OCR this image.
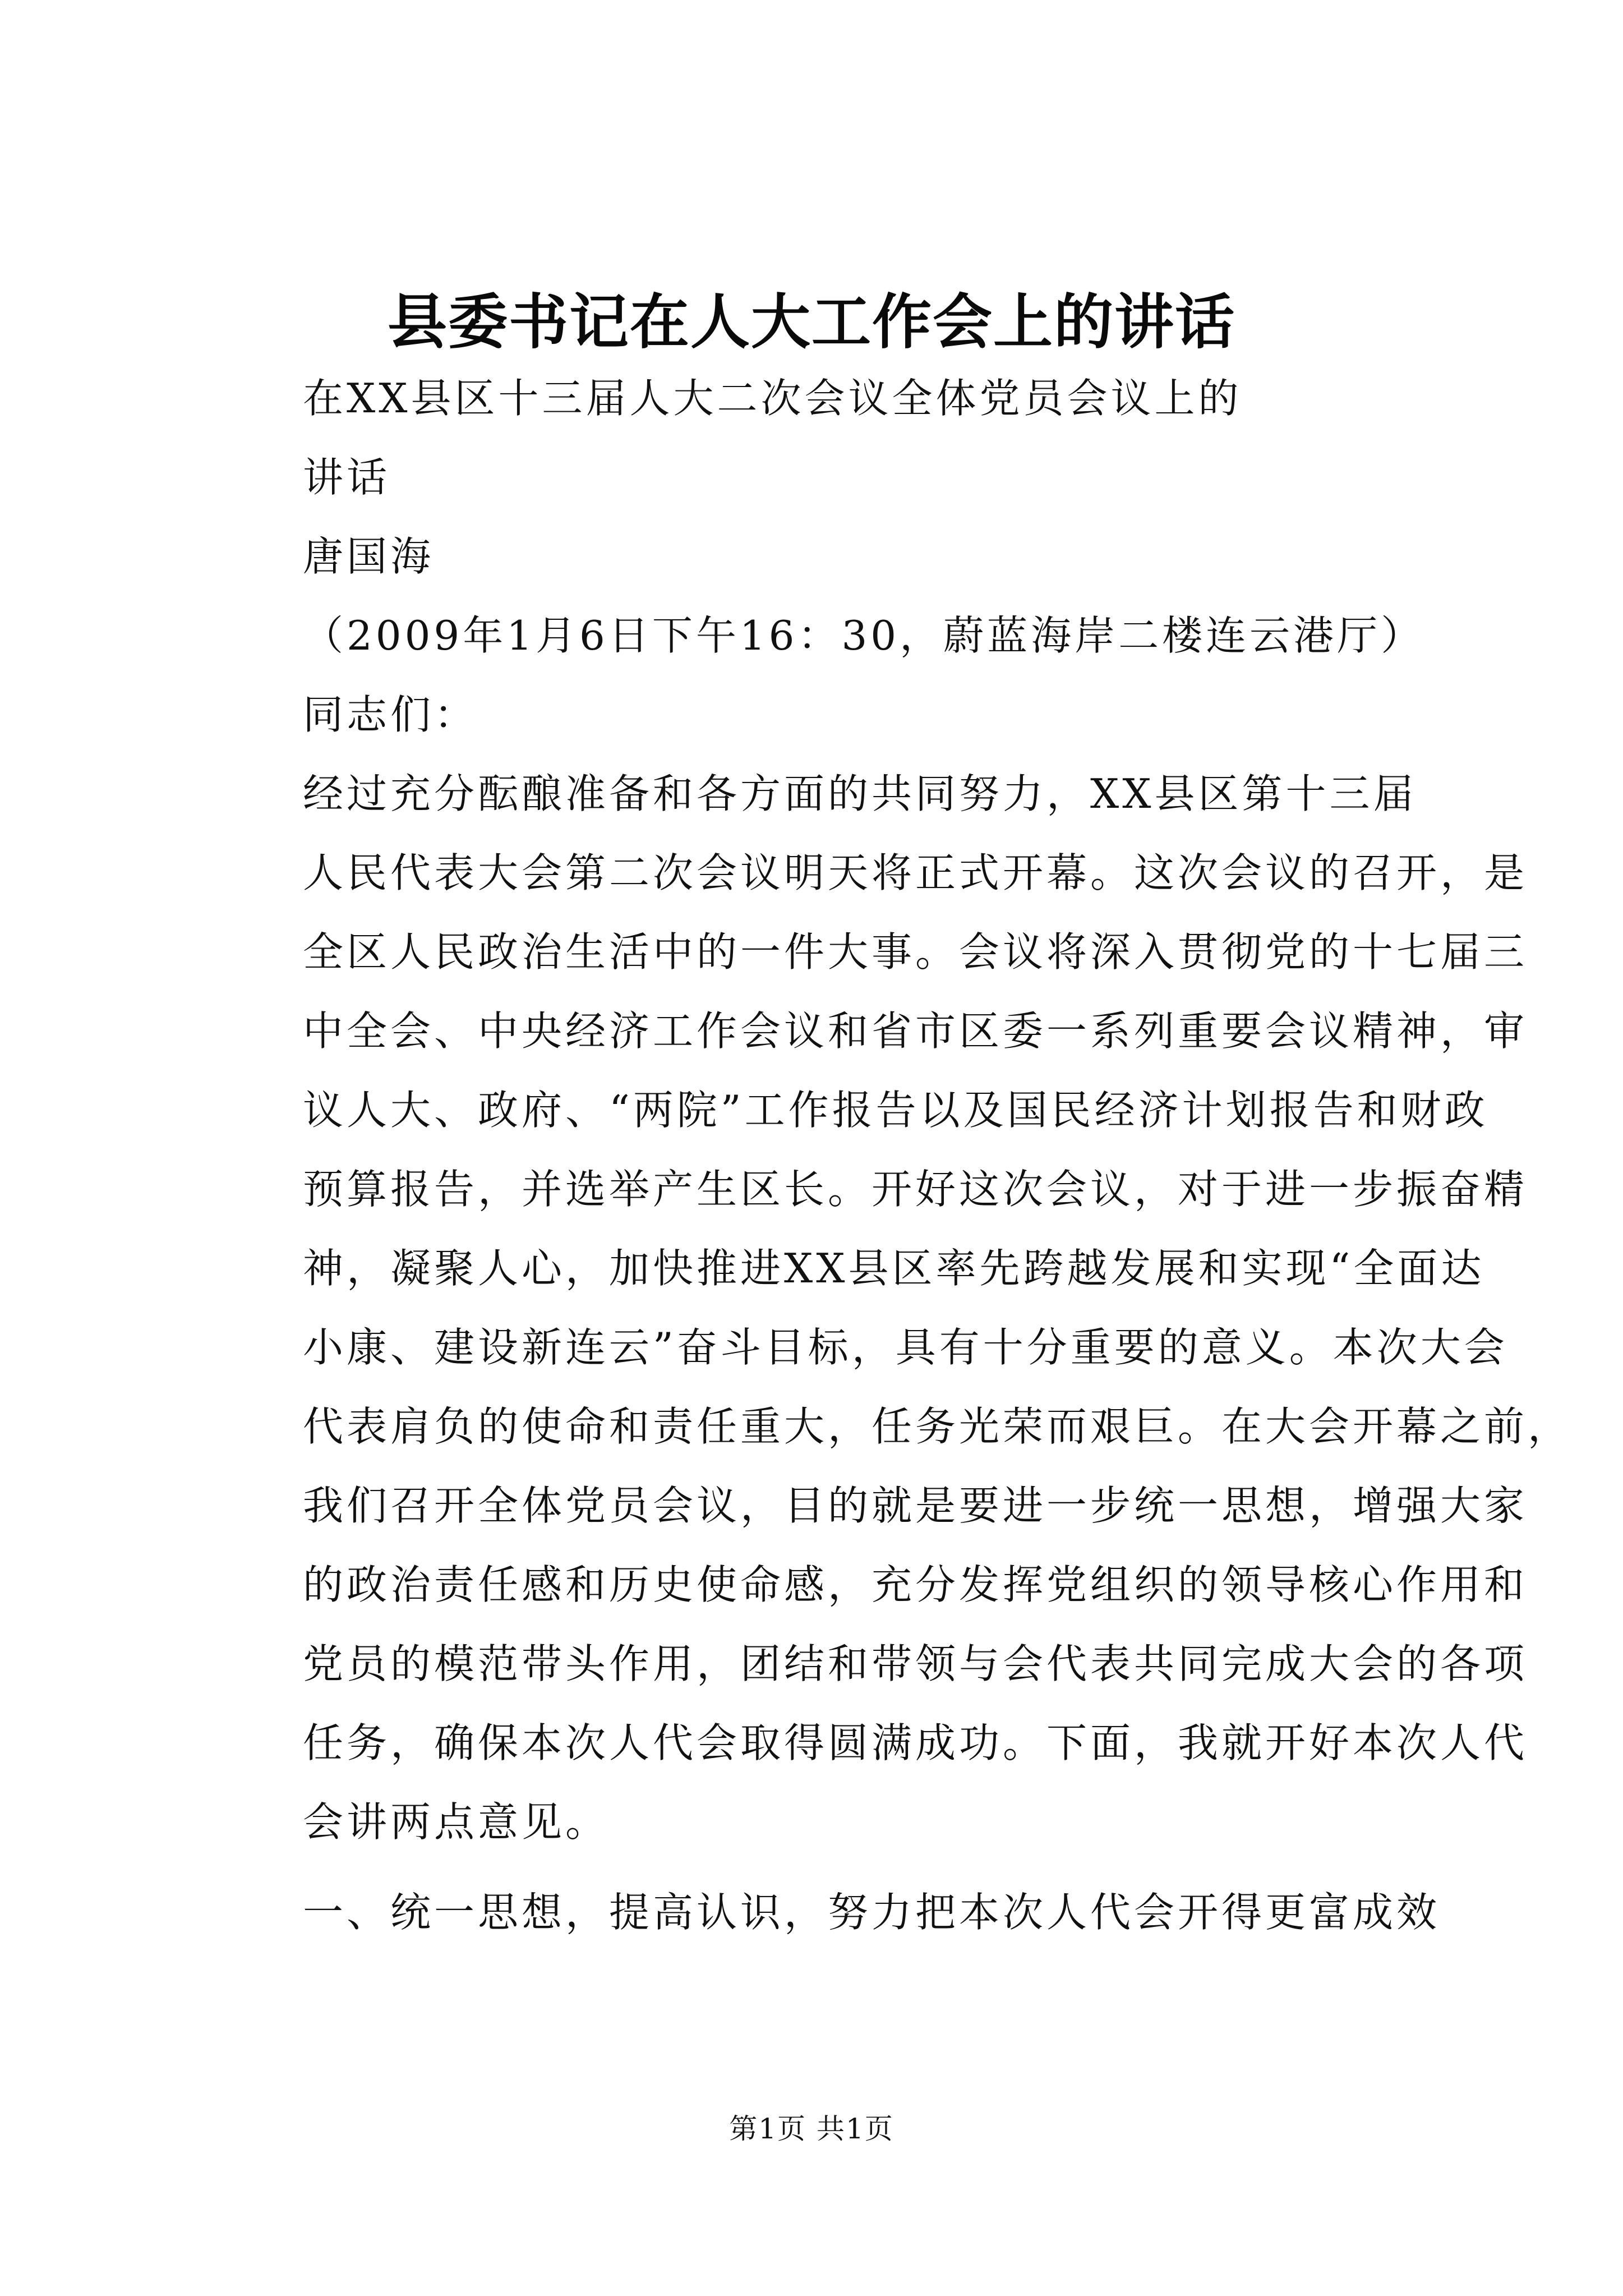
县委书记在人大工作会上的讲话
在XX县区十三届人大二次会议全体党员会议上的
讲话
唐国海
（2009年1月6日下午16：30，蔚蓝海岸二楼连云港厅）
同志们：
经过充分酝酿准备和各方面的共同努力，XX县区第十三届
人民代表大会第二次会议明天将正式开幕。这次会议的召开，是
全区人民政治生活中的一件大事。会议将深入贯彻党的十七届三
中全会、中央经济工作会议和省市区委一系列重要会议精神，审
议人大、政府、“两院”工作报告以及国民经济计划报告和财政
预算报告，并选举产生区长。开好这次会议，对于进一步振奋精
神，凝聚人心，加快推进XX县区率先跨越发展和实现“全面达
小康、建设新连云”奋斗目标，具有十分重要的意义。本次大会
代表肩负的使命和责任重大，任务光荣而艰巨。在大会开幕之前，
我们召开全体党员会议，目的就是要进一步统一思想，增强大家
的政治责任感和历史使命感，充分发挥党组织的领导核心作用和
党员的模范带头作用，团结和带领与会代表共同完成大会的各项
任务，确保本次人代会取得圆满成功。下面，我就开好本次人代
会讲两点意见。
一、统一思想，提高认识，努力把本次人代会开得更富成效
第1页 共1页
